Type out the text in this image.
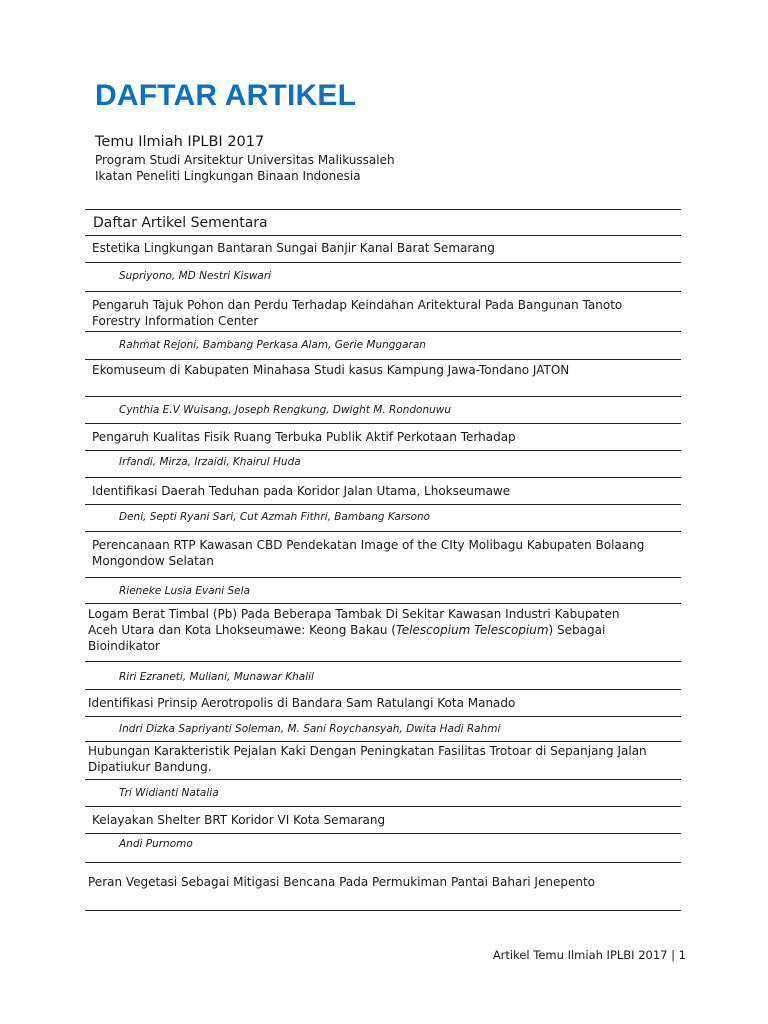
DAFTAR ARTIKEL
Temu Ilmiah IPLBI 2017
Program Studi Arsitektur Universitas Malikussaleh
Ikatan Peneliti Lingkungan Binaan Indonesia
Daftar Artikel Sementara
Estetika Lingkungan Bantaran Sungai Banjir Kanal Barat Semarang
Supriyono, MD Nestri Kiswari
Pengaruh Tajuk Pohon dan Perdu Terhadap Keindahan Aritektural Pada Bangunan Tanoto Forestry Information Center
Rahmat Rejoni, Bambang Perkasa Alam, Gerie Munggaran
Ekomuseum di Kabupaten Minahasa Studi kasus Kampung Jawa-Tondano JATON
Cynthia E.V Wuisang, Joseph Rengkung, Dwight M. Rondonuwu
Pengaruh Kualitas Fisik Ruang Terbuka Publik Aktif Perkotaan Terhadap
Irfandi, Mirza, Irzaidi, Khairul Huda
Identifikasi Daerah Teduhan pada Koridor Jalan Utama, Lhokseumawe
Deni, Septi Ryani Sari, Cut Azmah Fithri, Bambang Karsono
Perencanaan RTP Kawasan CBD Pendekatan Image of the CIty Molibagu Kabupaten Bolaang Mongondow Selatan
Rieneke Lusia Evani Sela
Logam Berat Timbal (Pb) Pada Beberapa Tambak Di Sekitar Kawasan Industri Kabupaten Aceh Utara dan Kota Lhokseumawe: Keong Bakau (Telescopium Telescopium) Sebagai Bioindikator
Riri Ezraneti, Muliani, Munawar Khalil
Identifikasi Prinsip Aerotropolis di Bandara Sam Ratulangi Kota Manado
Indri Dizka Sapriyanti Soleman, M. Sani Roychansyah, Dwita Hadi Rahmi
Hubungan Karakteristik Pejalan Kaki Dengan Peningkatan Fasilitas Trotoar di Sepanjang Jalan Dipatiukur Bandung.
Tri Widianti Natalia
Kelayakan Shelter BRT Koridor VI Kota Semarang
Andi Purnomo
Peran Vegetasi Sebagai Mitigasi Bencana Pada Permukiman Pantai Bahari Jenepento
Artikel Temu Ilmiah IPLBI 2017 | 1
